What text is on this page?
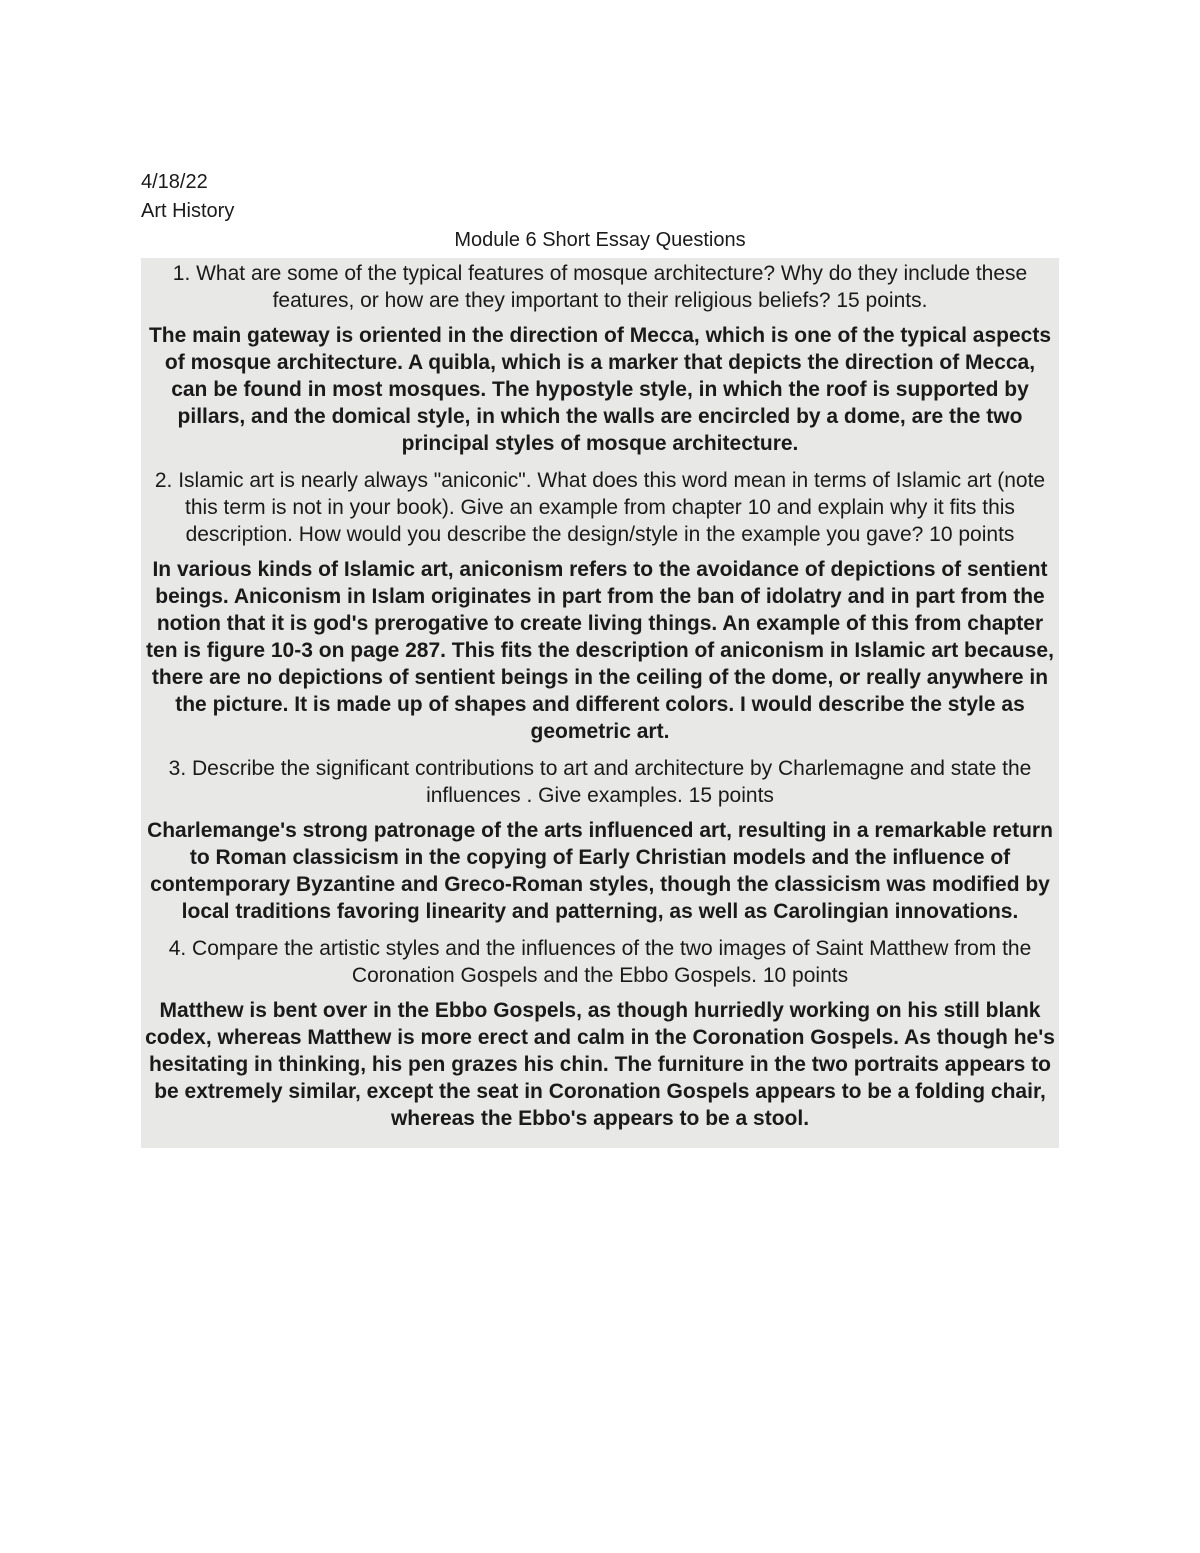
4/18/22

Art History

Module 6 Short Essay Questions

1. What are some of the typical features of mosque architecture? Why do they include these features, or how are they important to their religious beliefs? 15 points.

The main gateway is oriented in the direction of Mecca, which is one of the typical aspects of mosque architecture. A quibla, which is a marker that depicts the direction of Mecca, can be found in most mosques. The hypostyle style, in which the roof is supported by pillars, and the domical style, in which the walls are encircled by a dome, are the two principal styles of mosque architecture.

2. Islamic art is nearly always "aniconic". What does this word mean in terms of Islamic art (note this term is not in your book). Give an example from chapter 10 and explain why it fits this description. How would you describe the design/style in the example you gave? 10 points

In various kinds of Islamic art, aniconism refers to the avoidance of depictions of sentient beings. Aniconism in Islam originates in part from the ban of idolatry and in part from the notion that it is god's prerogative to create living things. An example of this from chapter ten is figure 10-3 on page 287. This fits the description of aniconism in Islamic art because, there are no depictions of sentient beings in the ceiling of the dome, or really anywhere in the picture. It is made up of shapes and different colors. I would describe the style as geometric art.

3. Describe the significant contributions to art and architecture by Charlemagne and state the influences . Give examples. 15 points

Charlemange's strong patronage of the arts influenced art, resulting in a remarkable return to Roman classicism in the copying of Early Christian models and the influence of contemporary Byzantine and Greco-Roman styles, though the classicism was modified by local traditions favoring linearity and patterning, as well as Carolingian innovations.

4. Compare the artistic styles and the influences of the two images of Saint Matthew from the Coronation Gospels and the Ebbo Gospels. 10 points

Matthew is bent over in the Ebbo Gospels, as though hurriedly working on his still blank codex, whereas Matthew is more erect and calm in the Coronation Gospels. As though he's hesitating in thinking, his pen grazes his chin. The furniture in the two portraits appears to be extremely similar, except the seat in Coronation Gospels appears to be a folding chair, whereas the Ebbo's appears to be a stool.
